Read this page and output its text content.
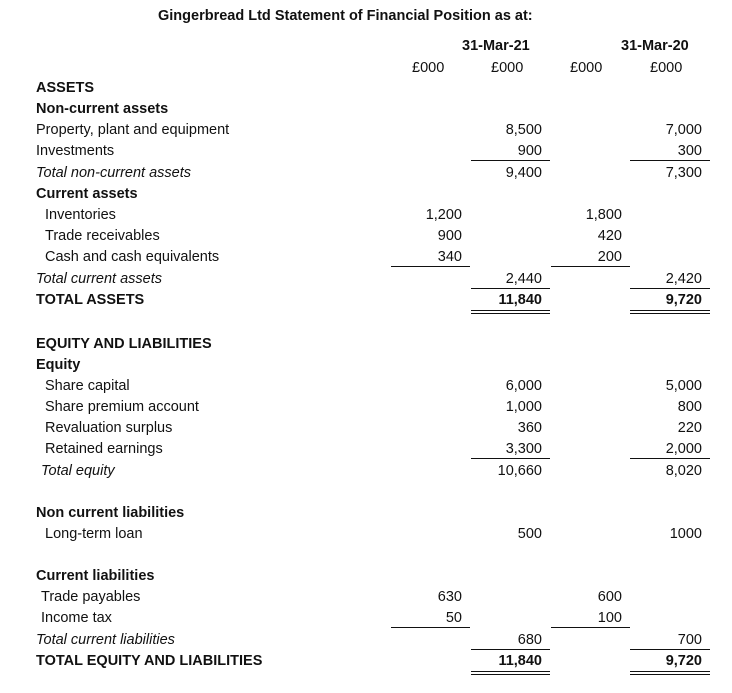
Gingerbread Ltd Statement of Financial Position as at:
31-Mar-21	31-Mar-20
£000	£000	£000	£000
ASSETS
Non-current assets
Property, plant and equipment	8,500	7,000
Investments	900	300
Total non-current assets	9,400	7,300
Current assets
Inventories	1,200	1,800
Trade receivables	900	420
Cash and cash equivalents	340	200
Total current assets	2,440	2,420
TOTAL ASSETS	11,840	9,720
EQUITY AND LIABILITIES
Equity
Share capital	6,000	5,000
Share premium account	1,000	800
Revaluation surplus	360	220
Retained earnings	3,300	2,000
Total equity	10,660	8,020
Non current liabilities
Long-term loan	500	1000
Current liabilities
Trade payables	630	600
Income tax	50	100
Total current liabilities	680	700
TOTAL EQUITY AND LIABILITIES	11,840	9,720
